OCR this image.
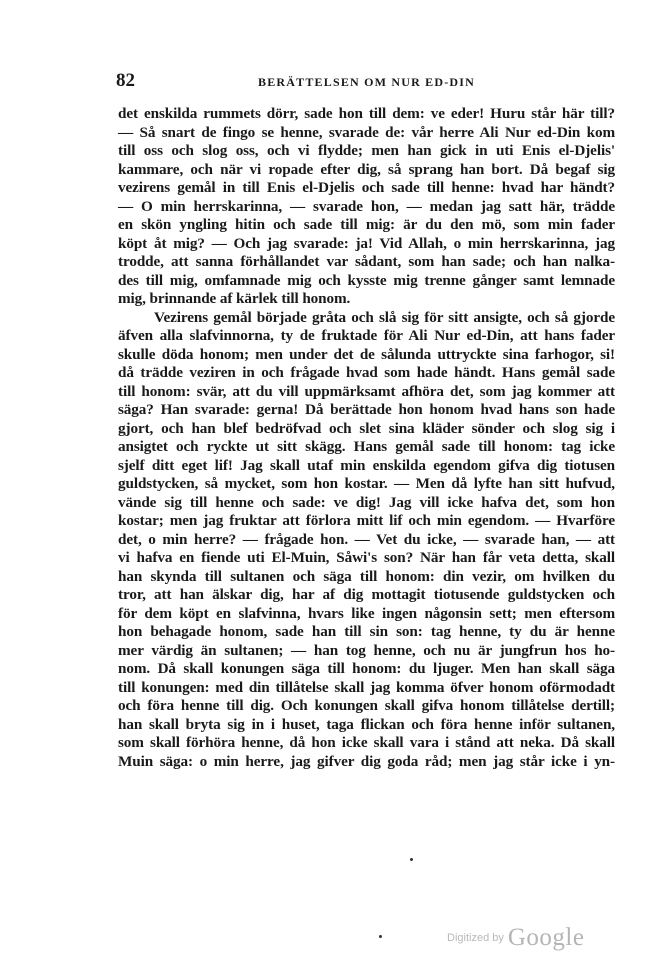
82	BERÄTTELSEN OM NUR ED-DIN
det enskilda rummets dörr, sade hon till dem: ve eder! Huru står här till?
— Så snart de fingo se henne, svarade de: vår herre Ali Nur ed-Din kom
till oss och slog oss, och vi flydde; men han gick in uti Enis el-Djelis'
kammare, och när vi ropade efter dig, så sprang han bort. Då begaf sig
vezirens gemål in till Enis el-Djelis och sade till henne: hvad har händt?
— O min herrskarinna, — svarade hon, — medan jag satt här, trädde
en skön yngling hitin och sade till mig: är du den mö, som min fader
köpt åt mig? — Och jag svarade: ja! Vid Allah, o min herrskarinna, jag
trodde, att sanna förhållandet var sådant, som han sade; och han nalka-
des till mig, omfamnade mig och kysste mig trenne gånger samt lemnade
mig, brinnande af kärlek till honom.
Vezirens gemål började gråta och slå sig för sitt ansigte, och så gjorde
äfven alla slafvinnorna, ty de fruktade för Ali Nur ed-Din, att hans fader
skulle döda honom; men under det de sålunda uttryckte sina farhogor, si!
då trädde veziren in och frågade hvad som hade händt. Hans gemål sade
till honom: svär, att du vill uppmärksamt afhöra det, som jag kommer att
säga? Han svarade: gerna! Då berättade hon honom hvad hans son hade
gjort, och han blef bedröfvad och slet sina kläder sönder och slog sig i
ansigtet och ryckte ut sitt skägg. Hans gemål sade till honom: tag icke
sjelf ditt eget lif! Jag skall utaf min enskilda egendom gifva dig tiotusen
guldstycken, så mycket, som hon kostar. — Men då lyfte han sitt hufvud,
vände sig till henne och sade: ve dig! Jag vill icke hafva det, som hon
kostar; men jag fruktar att förlora mitt lif och min egendom. — Hvarföre
det, o min herre? — frågade hon. — Vet du icke, — svarade han, — att
vi hafva en fiende uti El-Muin, Såwi's son? När han får veta detta, skall
han skynda till sultanen och säga till honom: din vezir, om hvilken du
tror, att han älskar dig, har af dig mottagit tiotusende guldstycken och
för dem köpt en slafvinna, hvars like ingen någonsin sett; men eftersom
hon behagade honom, sade han till sin son: tag henne, ty du är henne
mer värdig än sultanen; — han tog henne, och nu är jungfrun hos ho-
nom. Då skall konungen säga till honom: du ljuger. Men han skall säga
till konungen: med din tillåtelse skall jag komma öfver honom oförmodadt
och föra henne till dig. Och konungen skall gifva honom tillåtelse dertill;
han skall bryta sig in i huset, taga flickan och föra henne inför sultanen,
som skall förhöra henne, då hon icke skall vara i stånd att neka. Då skall
Muin säga: o min herre, jag gifver dig goda råd; men jag står icke i yn-
$^{Digitized by}$ Google
